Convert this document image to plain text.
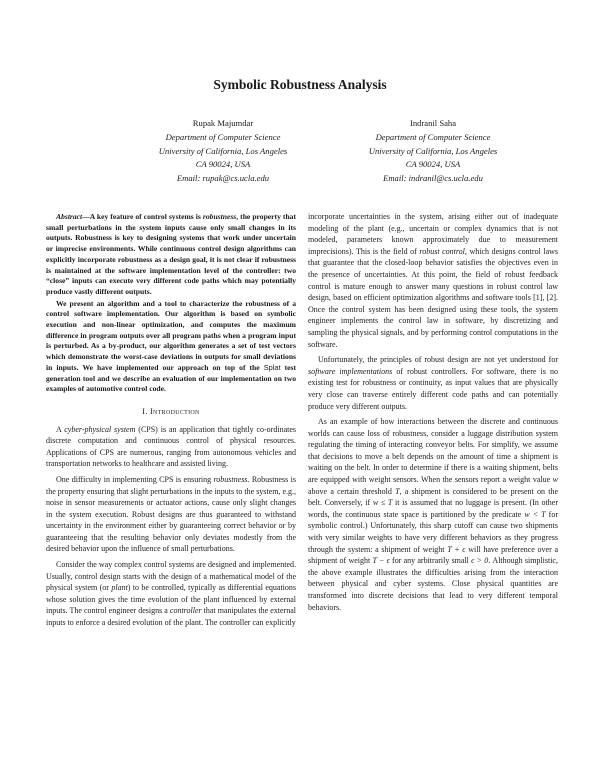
Symbolic Robustness Analysis
Rupak Majumdar
Department of Computer Science
University of California, Los Angeles
CA 90024, USA
Email: rupak@cs.ucla.edu
Indranil Saha
Department of Computer Science
University of California, Los Angeles
CA 90024, USA
Email: indranil@cs.ucla.edu

Abstract—A key feature of control systems is robustness, the property that small perturbations in the system inputs cause only small changes in its outputs. Robustness is key to designing systems that work under uncertain or imprecise environments. While continuous control design algorithms can explicitly incorporate robustness as a design goal, it is not clear if robustness is maintained at the software implementation level of the controller: two “close” inputs can execute very different code paths which may potentially produce vastly different outputs.

We present an algorithm and a tool to characterize the robustness of a control software implementation. Our algorithm is based on symbolic execution and non-linear optimization, and computes the maximum difference in program outputs over all program paths when a program input is perturbed. As a by-product, our algorithm generates a set of test vectors which demonstrate the worst-case deviations in outputs for small deviations in inputs. We have implemented our approach on top of the Splat test generation tool and we describe an evaluation of our implementation on two examples of automotive control code.

I. Introduction

A cyber-physical system (CPS) is an application that tightly co-ordinates discrete computation and continuous control of physical resources. Applications of CPS are numerous, ranging from autonomous vehicles and transportation networks to healthcare and assisted living.

One difficulty in implementing CPS is ensuring robustness. Robustness is the property ensuring that slight perturbations in the inputs to the system, e.g., noise in sensor measurements or actuator actions, cause only slight changes in the system execution. Robust designs are thus guaranteed to withstand uncertainty in the environment either by guaranteeing correct behavior or by guaranteeing that the resulting behavior only deviates modestly from the desired behavior upon the influence of small perturbations.

Consider the way complex control systems are designed and implemented. Usually, control design starts with the design of a mathematical model of the physical system (or plant) to be controlled, typically as differential equations whose solution gives the time evolution of the plant influenced by external inputs. The control engineer designs a controller that manipulates the external inputs to enforce a desired evolution of the plant. The controller can explicitly

incorporate uncertainties in the system, arising either out of inadequate modeling of the plant (e.g., uncertain or complex dynamics that is not modeled, parameters known approximately due to measurement imprecisions). This is the field of robust control, which designs control laws that guarantee that the closed-loop behavior satisfies the objectives even in the presence of uncertainties. At this point, the field of robust feedback control is mature enough to answer many questions in robust control law design, based on efficient optimization algorithms and software tools [1], [2]. Once the control system has been designed using these tools, the system engineer implements the control law in software, by discretizing and sampling the physical signals, and by performing control computations in the software.

Unfortunately, the principles of robust design are not yet understood for software implementations of robust controllers. For software, there is no existing test for robustness or continuity, as input values that are physically very close can traverse entirely different code paths and can potentially produce very different outputs.

As an example of how interactions between the discrete and continuous worlds can cause loss of robustness, consider a luggage distribution system regulating the timing of interacting conveyor belts. For simplify, we assume that decisions to move a belt depends on the amount of time a shipment is waiting on the belt. In order to determine if there is a waiting shipment, belts are equipped with weight sensors. When the sensors report a weight value w above a certain threshold T, a shipment is considered to be present on the belt. Conversely, if w ≤ T it is assumed that no luggage is present. (In other words, the continuous state space is partitioned by the predicate w < T for symbolic control.) Unfortunately, this sharp cutoff can cause two shipments with very similar weights to have very different behaviors as they progress through the system: a shipment of weight T + ϵ will have preference over a shipment of weight T − ϵ for any arbitrarily small ϵ > 0. Although simplistic, the above example illustrates the difficulties arising from the interaction between physical and cyber systems. Close physical quantities are transformed into discrete decisions that lead to very different temporal behaviors.
